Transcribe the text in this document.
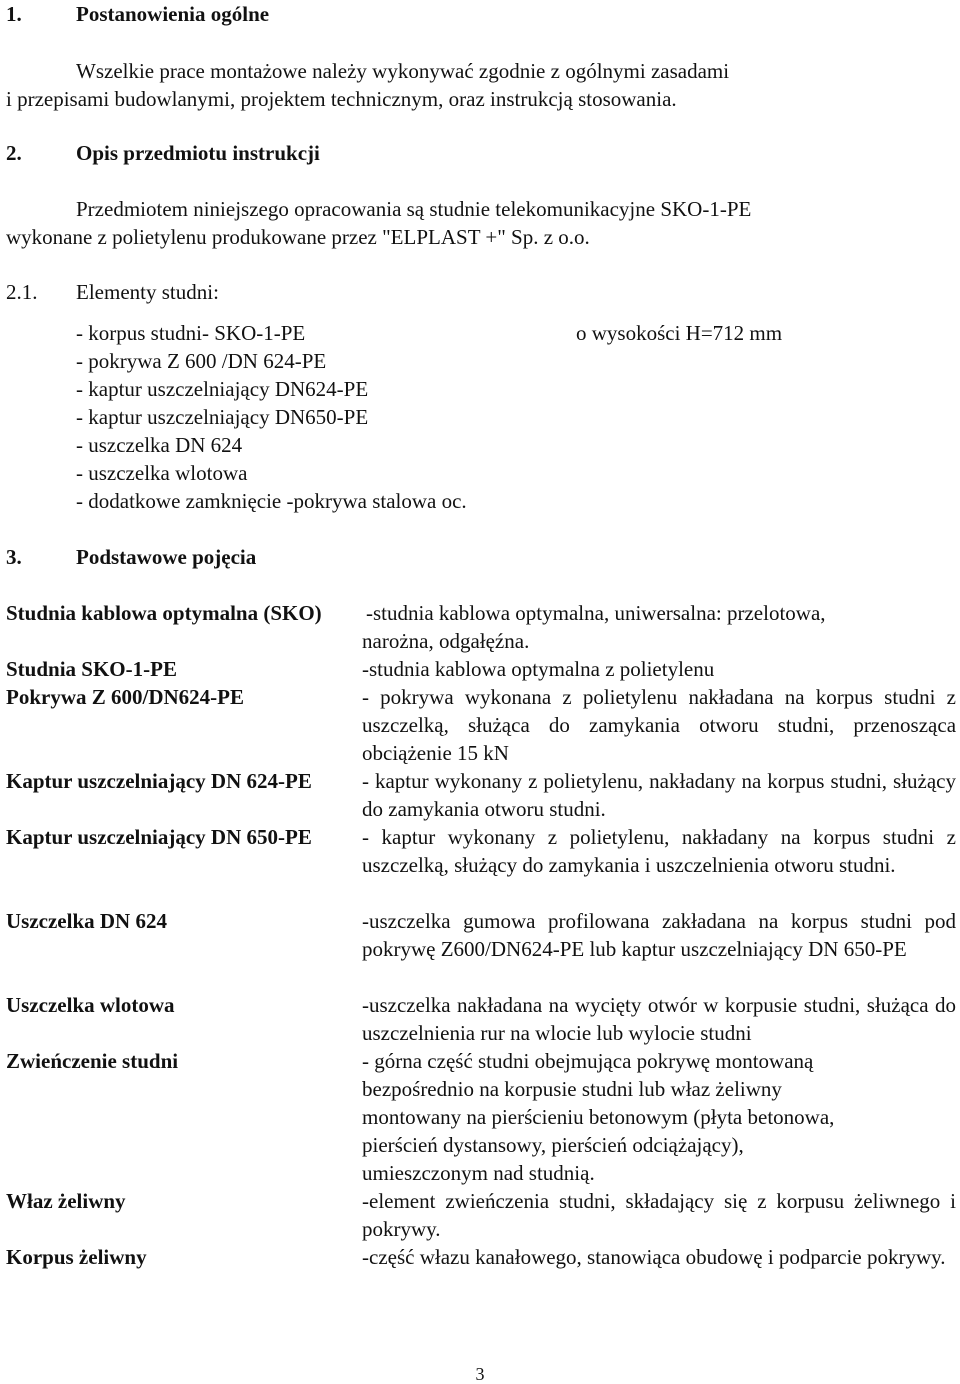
1.	Postanowienia ogólne
Wszelkie prace montażowe należy wykonywać zgodnie z ogólnymi zasadami
i przepisami budowlanymi, projektem technicznym, oraz instrukcją stosowania.
2.	Opis przedmiotu instrukcji
Przedmiotem niniejszego opracowania są studnie telekomunikacyjne SKO-1-PE
wykonane z polietylenu produkowane przez "ELPLAST +" Sp. z o.o.
2.1. Elementy studni:
- korpus studni- SKO-1-PE	o wysokości H=712 mm
- pokrywa Z 600 /DN 624-PE
- kaptur uszczelniający DN624-PE
- kaptur uszczelniający DN650-PE
- uszczelka DN 624
- uszczelka wlotowa
- dodatkowe zamknięcie -pokrywa stalowa oc.
3.	Podstawowe pojęcia
Studnia kablowa optymalna (SKO) -studnia kablowa optymalna, uniwersalna: przelotowa,
narożna, odgałęźna.
Studnia SKO-1-PE	-studnia kablowa optymalna z polietylenu
Pokrywa Z 600/DN624-PE	- pokrywa wykonana z polietylenu nakładana na korpus studni z uszczelką, służąca do zamykania otworu studni, przenosząca obciążenie 15 kN
Kaptur uszczelniający DN 624-PE - kaptur wykonany z polietylenu, nakładany na korpus studni, służący do zamykania otworu studni.
Kaptur uszczelniający DN 650-PE - kaptur wykonany z polietylenu, nakładany na korpus studni z uszczelką, służący do zamykania i uszczelnienia otworu studni.
Uszczelka DN 624	-uszczelka gumowa profilowana zakładana na korpus studni pod pokrywę Z600/DN624-PE lub kaptur uszczelniający DN 650-PE
Uszczelka wlotowa	-uszczelka nakładana na wycięty otwór w korpusie studni, służąca do uszczelnienia rur na wlocie lub wylocie studni
Zwieńczenie studni	- górna część studni obejmująca pokrywę montowaną
bezpośrednio na korpusie studni lub właz żeliwny
montowany na pierścieniu betonowym (płyta betonowa,
pierścień dystansowy, pierścień odciążający),
umieszczonym nad studnią.
Właz żeliwny	-element zwieńczenia studni, składający się z korpusu żeliwnego i pokrywy.
Korpus żeliwny	-część włazu kanałowego, stanowiąca obudowę i podparcie pokrywy.
3
